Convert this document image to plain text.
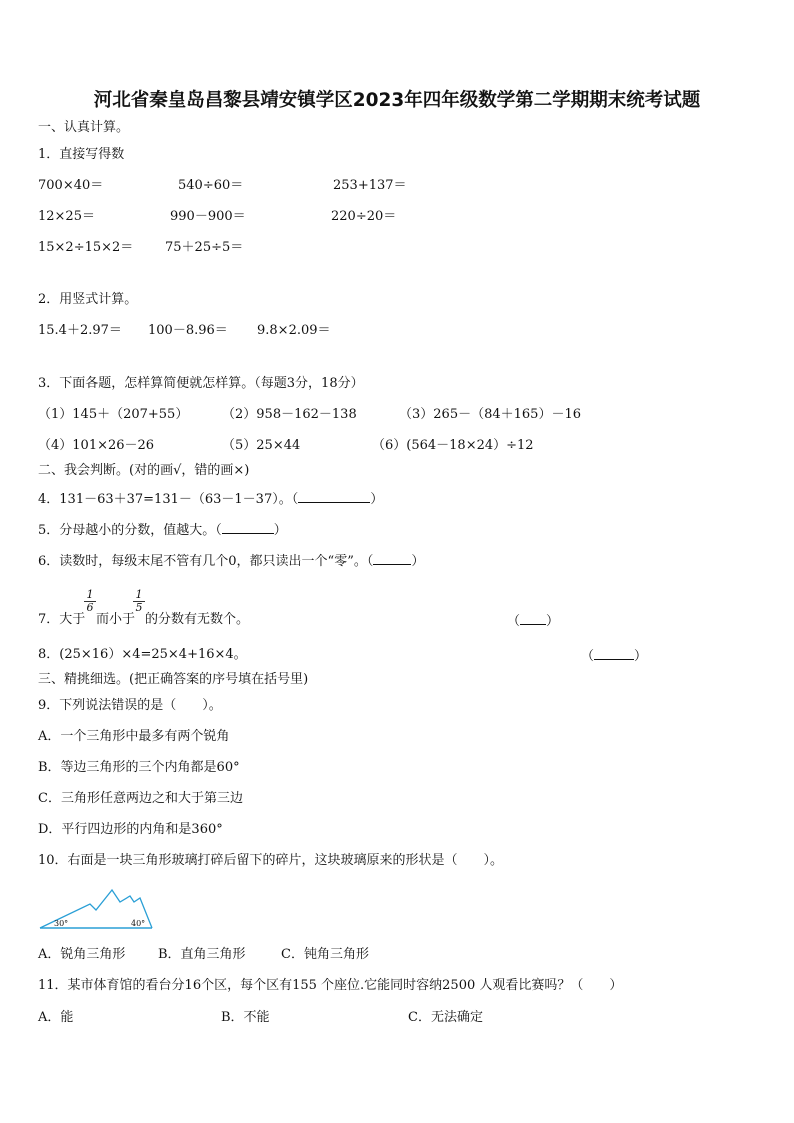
河北省秦皇岛昌黎县靖安镇学区2023年四年级数学第二学期期末统考试题
一、认真计算。
1．直接写得数
700×40＝	540÷60＝	253+137＝
12×25＝	990－900＝	220÷20＝
15×2÷15×2＝ 75＋25÷5＝
2．用竖式计算。
15.4＋2.97＝ 100－8.96＝ 9.8×2.09＝
3．下面各题，怎样算简便就怎样算。（每题3分，18分）
（1）145＋（207+55）	（2）958－162－138	（3）265－（84＋165）－16
（4）101×26－26	（5）25×44	（6）(564－18×24）÷12
二、我会判断。(对的画√，错的画×)
4．131－63＋37=131－（63－1－37）。（	）
5．分母越小的分数，值越大。（	）
6．读数时，每级末尾不管有几个0，都只读出一个“零”。（	）
7．大于
$\frac{1}{6}$
而小于
$\frac{1}{5}$
的分数有无数个。	（ ）
8．(25×16）×4=25×4+16×4。	（	）
三、精挑细选。(把正确答案的序号填在括号里)
9．下列说法错误的是（　　）。
A．一个三角形中最多有两个锐角
B．等边三角形的三个内角都是60°
C．三角形任意两边之和大于第三边
D．平行四边形的内角和是360°
10．右面是一块三角形玻璃打碎后留下的碎片，这块玻璃原来的形状是（　　）。
30°	40°
A．锐角三角形	B．直角三角形	C．钝角三角形
11．某市体育馆的看台分16个区，每个区有155 个座位.它能同时容纳2500 人观看比赛吗？（　　）
A．能	B．不能	C．无法确定
